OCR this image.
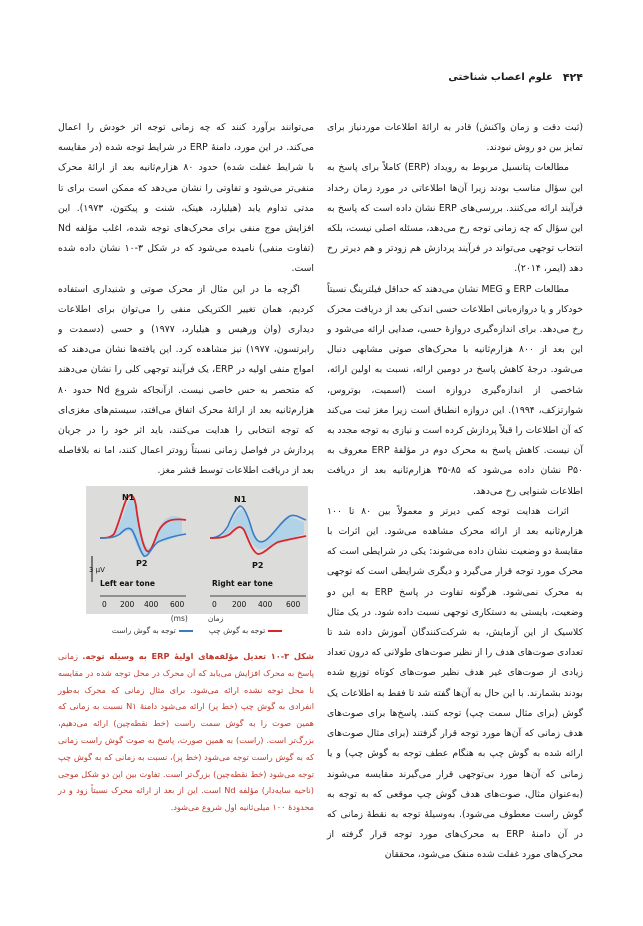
۴۲۴
علوم اعصاب شناختی

(ثبت دقت و زمان واکنش) قادر به ارائهٔ اطلاعات موردنیاز برای تمایز بین دو روش نبودند.

مطالعات پتانسیل مربوط به رویداد (ERP) کاملاً برای پاسخ به این سؤال مناسب بودند زیرا آن‌ها اطلاعاتی در مورد زمان رخداد فرآیند ارائه می‌کنند. بررسی‌های ERP نشان داده است که پاسخ به این سؤال که چه زمانی توجه رخ می‌دهد، مسئله اصلی نیست، بلکه انتخاب توجهی می‌تواند در فرآیند پردازش هم زودتر و هم دیرتر رخ دهد (ایمر، ۲۰۱۴).

مطالعات ERP و MEG نشان می‌دهند که حداقل فیلترینگ نسبتاً خودکار و یا دروازه‌بانی اطلاعات حسی اندکی بعد از دریافت محرک رخ می‌دهد. برای اندازه‌گیری دروازهٔ حسی، صدایی ارائه می‌شود و این بعد از ۸۰۰ هزارم‌ثانیه با محرک‌های صوتی مشابهی دنبال می‌شود. درجهٔ کاهش پاسخ در دومین ارائه، نسبت به اولین ارائه، شاخصی از اندازه‌گیری دروازه است (اسمیت، بوتروس، شوارتزکف، ۱۹۹۴). این دروازه انطباق است زیرا مغز ثبت می‌کند که آن اطلاعات را قبلاً پردازش کرده است و نیازی به توجه مجدد به آن نیست. کاهش پاسخ به محرک دوم در مؤلفهٔ ERP معروف به P۵۰ نشان داده می‌شود که ۸۵-۳۵ هزارم‌ثانیه بعد از دریافت اطلاعات شنوایی رخ می‌دهد.

اثرات هدایت توجه کمی دیرتر و معمولاً بین ۸۰ تا ۱۰۰ هزارم‌ثانیه بعد از ارائه محرک مشاهده می‌شود. این اثرات با مقایسهٔ دو وضعیت نشان داده می‌شوند: یکی در شرایطی است که محرک مورد توجه قرار می‌گیرد و دیگری شرایطی است که توجهی به محرک نمی‌شود. هرگونه تفاوت در پاسخ ERP به این دو وضعیت، بایستی به دستکاری توجهی نسبت داده شود. در یک مثال کلاسیک از این آزمایش، به شرکت‌کنندگان آموزش داده شد تا تعدادی صوت‌های هدف را از نظیر صوت‌های طولانی که درون تعداد زیادی از صوت‌های غیر هدف نظیر صوت‌های کوتاه توزیع شده بودند بشمارند. با این حال به آن‌ها گفته شد تا فقط به اطلاعات یک گوش (برای مثال سمت چپ) توجه کنند. پاسخ‌ها برای صوت‌های هدف زمانی که آن‌ها مورد توجه قرار گرفتند (برای مثال صوت‌های ارائه شده به گوش چپ به هنگام عطف توجه به گوش چپ) و یا زمانی که آن‌ها مورد بی‌توجهی قرار می‌گیرند مقایسه می‌شوند (به‌عنوان مثال، صوت‌های هدف گوش چپ موقعی که به توجه به گوش راست معطوف می‌شود). به‌وسیلهٔ توجه به نقطهٔ زمانی که در آن دامنهٔ ERP به محرک‌های مورد توجه قرار گرفته از محرک‌های مورد غفلت شده منفک می‌شود، محققان

می‌توانند برآورد کنند که چه زمانی توجه اثر خودش را اعمال می‌کند. در این مورد، دامنهٔ ERP در شرایط توجه شده (در مقایسه با شرایط غفلت شده) حدود ۸۰ هزارم‌ثانیه بعد از ارائهٔ محرک منفی‌تر می‌شود و تفاوتی را نشان می‌دهد که ممکن است برای تا مدتی تداوم یابد (هیلیارد، هینک، شنت و پیکتون، ۱۹۷۳). این افزایش موج منفی برای محرک‌های توجه شده، اغلب مؤلفه Nd (تفاوت منفی) نامیده می‌شود که در شکل ۳-۱۰ نشان داده شده است.

اگرچه ما در این مثال از محرک صوتی و شنیداری استفاده کردیم، همان تغییر الکتریکی منفی را می‌توان برای اطلاعات دیداری (وان ورهیس و هیلیارد، ۱۹۷۷) و حسی (دسمدت و رابرتسون، ۱۹۷۷) نیز مشاهده کرد. این یافته‌ها نشان می‌دهند که امواج منفی اولیه در ERP، یک فرآیند توجهی کلی را نشان می‌دهند که متحصر به حس خاصی نیست. ازآنجاکه شروع Nd حدود ۸۰ هزارم‌ثانیه بعد از ارائهٔ محرک اتفاق می‌افتد، سیستم‌های مغزی‌ای که توجه انتخابی را هدایت می‌کنند، باید اثر خود را در جریان پردازش در فواصل زمانی نسبتاً زودتر اعمال کنند، اما نه بلافاصله بعد از دریافت اطلاعات توسط قشر مغز.

N1
P2
Left ear tone
N1
P2
Right ear tone
3 μV
0 200 400 600	0 200 400 600
زمان
(ms)
توجه به گوش چپ
توجه به گوش راست
شکل ۳-۱۰ تعدیل مؤلفه‌های اولیهٔ ERP به وسیله توجه. زمانی پاسخ به محرک افزایش می‌یابد که آن محرک در محل توجه شده در مقایسه با محل توجه نشده ارائه می‌شود. برای مثال زمانی که محرک به‌طور انفرادی به گوش چپ (خط پر) ارائه می‌شود دامنهٔ N۱ نسبت به زمانی که همین صوت را به گوش سمت راست (خط نقطه‌چین) ارائه می‌دهیم، بزرگ‌تر است. (راست) به همین صورت، پاسخ به صوت گوش راست زمانی که به گوش راست توجه می‌شود (خط پر)، نسبت به زمانی که به گوش چپ توجه می‌شود (خط نقطه‌چین) بزرگ‌تر است. تفاوت بین این دو شکل موجی (ناحیه سایه‌دار) مؤلفه Nd است. این از بعد از ارائه محرک نسبتاً زود و در محدودهٔ ۱۰۰ میلی‌ثانیه اول شروع می‌شود.
